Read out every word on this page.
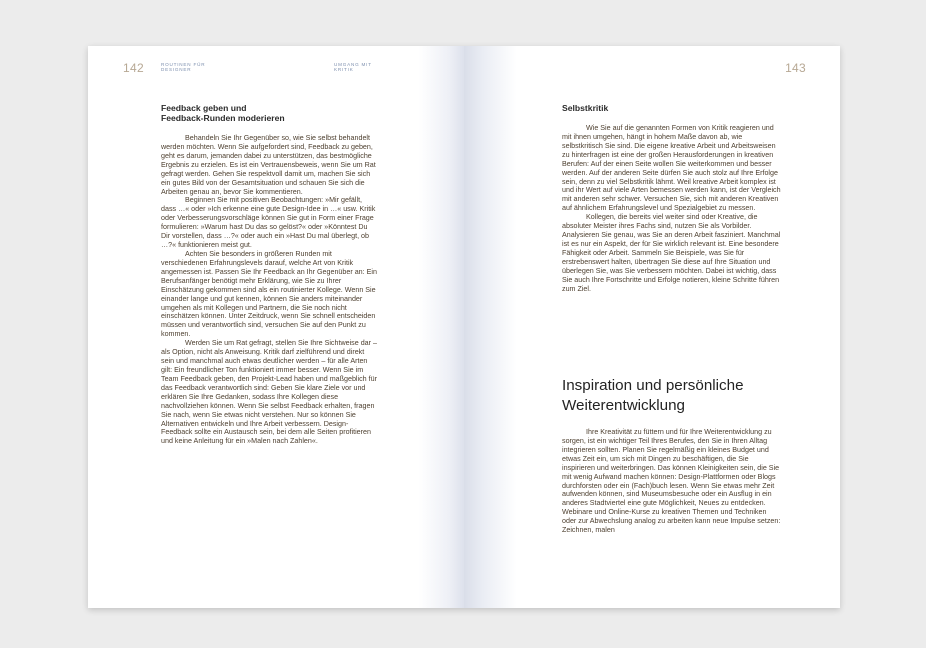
142	ROUTINEN FÜR
DESIGNER
UMGANG MIT
KRITIK
Feedback geben und
Feedback-Runden moderieren

Behandeln Sie Ihr Gegenüber so, wie Sie selbst behandelt werden möchten. Wenn Sie aufgefordert sind, Feedback zu geben, geht es darum, jemanden dabei zu unterstützen, das bestmögliche Ergebnis zu erzielen. Es ist ein Vertrauensbeweis, wenn Sie um Rat gefragt werden. Gehen Sie respektvoll damit um, machen Sie sich ein gutes Bild von der Gesamtsituation und schauen Sie sich die Arbeiten genau an, bevor Sie kommentieren.

Beginnen Sie mit positiven Beobachtungen: »Mir gefällt, dass …« oder »Ich erkenne eine gute Design-Idee in …« usw. Kritik oder Verbesserungsvorschläge können Sie gut in Form einer Frage formulieren: »Warum hast Du das so gelöst?« oder »Könntest Du Dir vorstellen, dass …?« oder auch ein »Hast Du mal überlegt, ob …?« funktionieren meist gut.

Achten Sie besonders in größeren Runden mit verschiedenen Erfahrungslevels darauf, welche Art von Kritik angemessen ist. Passen Sie Ihr Feedback an Ihr Gegenüber an: Ein Berufsanfänger benötigt mehr Erklärung, wie Sie zu Ihrer Einschätzung gekommen sind als ein routinierter Kollege. Wenn Sie einander lange und gut kennen, können Sie anders miteinander umgehen als mit Kollegen und Partnern, die Sie noch nicht einschätzen können. Unter Zeitdruck, wenn Sie schnell entscheiden müssen und verantwortlich sind, versuchen Sie auf den Punkt zu kommen.

Werden Sie um Rat gefragt, stellen Sie Ihre Sichtweise dar – als Option, nicht als Anweisung. Kritik darf zielführend und direkt sein und manchmal auch etwas deutlicher werden – für alle Arten gilt: Ein freundlicher Ton funktioniert immer besser. Wenn Sie im Team Feedback geben, den Projekt-Lead haben und maßgeblich für das Feedback verantwortlich sind: Geben Sie klare Ziele vor und erklären Sie Ihre Gedanken, sodass Ihre Kollegen diese nachvollziehen können. Wenn Sie selbst Feedback erhalten, fragen Sie nach, wenn Sie etwas nicht verstehen. Nur so können Sie Alternativen entwickeln und Ihre Arbeit verbessern. Design-Feedback sollte ein Austausch sein, bei dem alle Seiten profitieren und keine Anleitung für ein »Malen nach Zahlen«.

143
Selbstkritik

Wie Sie auf die genannten Formen von Kritik reagieren und mit ihnen umgehen, hängt in hohem Maße davon ab, wie selbstkritisch Sie sind. Die eigene kreative Arbeit und Arbeitsweisen zu hinterfragen ist eine der großen Herausforderungen in kreativen Berufen: Auf der einen Seite wollen Sie weiterkommen und besser werden. Auf der anderen Seite dürfen Sie auch stolz auf Ihre Erfolge sein, denn zu viel Selbstkritik lähmt. Weil kreative Arbeit komplex ist und ihr Wert auf viele Arten bemessen werden kann, ist der Vergleich mit anderen sehr schwer. Versuchen Sie, sich mit anderen Kreativen auf ähnlichem Erfahrungslevel und Spezialgebiet zu messen.

Kollegen, die bereits viel weiter sind oder Kreative, die absoluter Meister ihres Fachs sind, nutzen Sie als Vorbilder. Analysieren Sie genau, was Sie an deren Arbeit fasziniert. Manchmal ist es nur ein Aspekt, der für Sie wirklich relevant ist. Eine besondere Fähigkeit oder Arbeit. Sammeln Sie Beispiele, was Sie für erstrebenswert halten, übertragen Sie diese auf Ihre Situation und überlegen Sie, was Sie verbessern möchten. Dabei ist wichtig, dass Sie auch Ihre Fortschritte und Erfolge notieren, kleine Schritte führen zum Ziel.

Inspiration und persönliche
Weiterentwicklung

Ihre Kreativität zu füttern und für Ihre Weiterentwicklung zu sorgen, ist ein wichtiger Teil Ihres Berufes, den Sie in Ihren Alltag integrieren sollten. Planen Sie regelmäßig ein kleines Budget und etwas Zeit ein, um sich mit Dingen zu beschäftigen, die Sie inspirieren und weiterbringen. Das können Kleinigkeiten sein, die Sie mit wenig Aufwand machen können: Design-Plattformen oder Blogs durchforsten oder ein (Fach)buch lesen. Wenn Sie etwas mehr Zeit aufwenden können, sind Museumsbesuche oder ein Ausflug in ein anderes Stadtviertel eine gute Möglichkeit, Neues zu entdecken. Webinare und Online-Kurse zu kreativen Themen und Techniken oder zur Abwechslung analog zu arbeiten kann neue Impulse setzen: Zeichnen, malen
